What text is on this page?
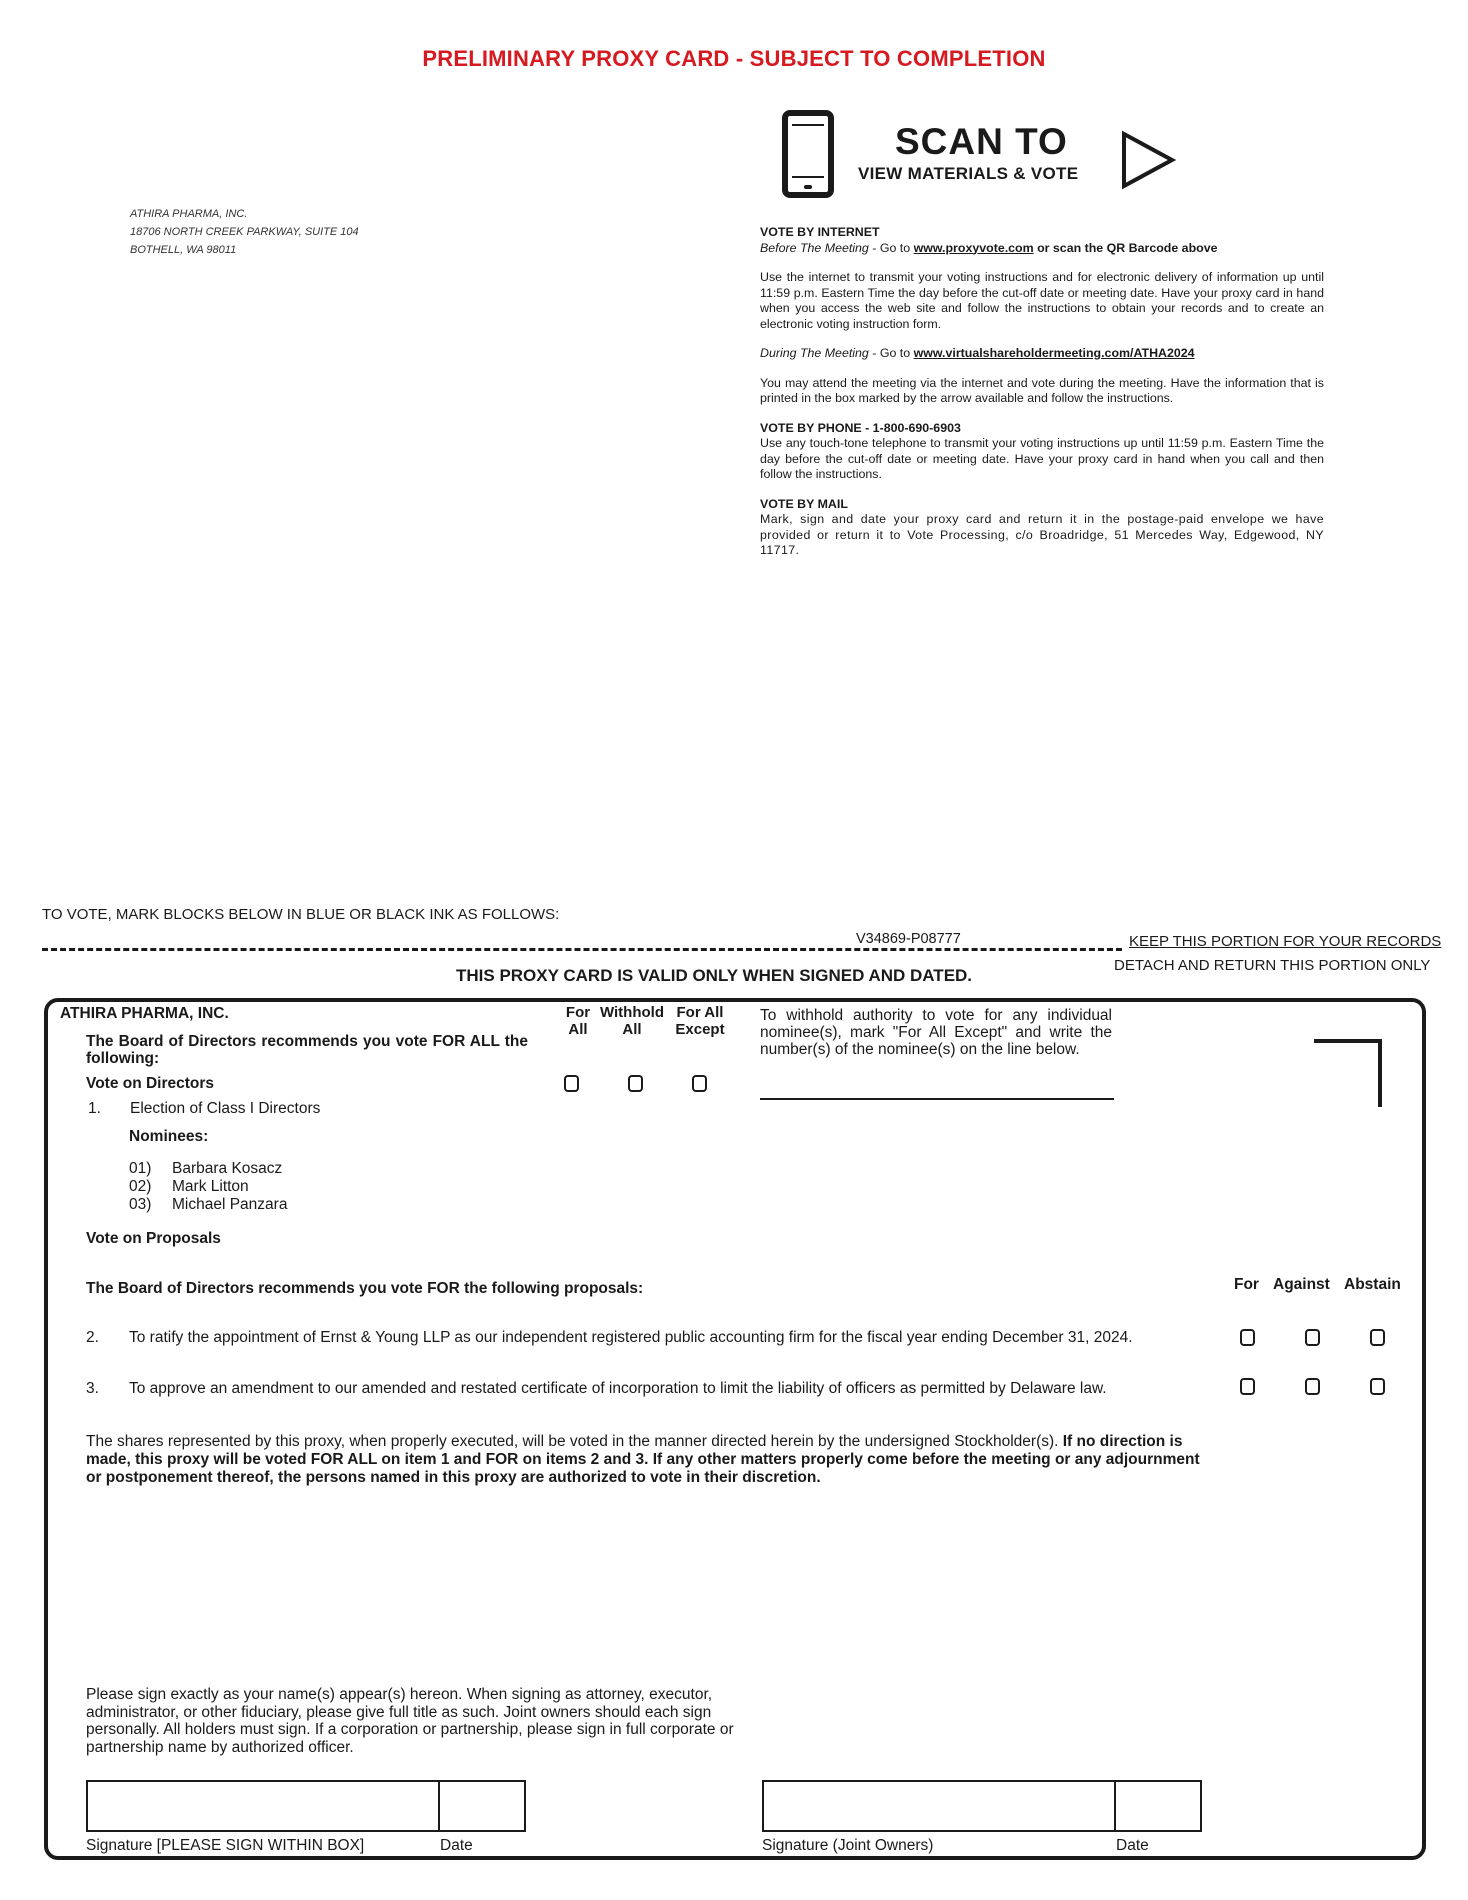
PRELIMINARY PROXY CARD - SUBJECT TO COMPLETION
ATHIRA PHARMA, INC.
18706 NORTH CREEK PARKWAY, SUITE 104
BOTHELL, WA 98011
SCAN TO
VIEW MATERIALS & VOTE

VOTE BY INTERNET
Before The Meeting - Go to www.proxyvote.com or scan the QR Barcode above

Use the internet to transmit your voting instructions and for electronic delivery of information up until 11:59 p.m. Eastern Time the day before the cut-off date or meeting date. Have your proxy card in hand when you access the web site and follow the instructions to obtain your records and to create an electronic voting instruction form.

During The Meeting - Go to www.virtualshareholdermeeting.com/ATHA2024

You may attend the meeting via the internet and vote during the meeting. Have the information that is printed in the box marked by the arrow available and follow the instructions.

VOTE BY PHONE - 1-800-690-6903
Use any touch-tone telephone to transmit your voting instructions up until 11:59 p.m. Eastern Time the day before the cut-off date or meeting date. Have your proxy card in hand when you call and then follow the instructions.

VOTE BY MAIL
Mark, sign and date your proxy card and return it in the postage-paid envelope we have provided or return it to Vote Processing, c/o Broadridge, 51 Mercedes Way, Edgewood, NY 11717.

TO VOTE, MARK BLOCKS BELOW IN BLUE OR BLACK INK AS FOLLOWS:
V34869-P08777	KEEP THIS PORTION FOR YOUR RECORDS
DETACH AND RETURN THIS PORTION ONLY
THIS PROXY CARD IS VALID ONLY WHEN SIGNED AND DATED.
ATHIRA PHARMA, INC.
The Board of Directors recommends you vote FOR ALL the following:
Vote on Directors
1. Election of Class I Directors
Nominees:
01) Barbara Kosacz
02) Mark Litton
03) Michael Panzara
For
All
Withhold
All
For All
Except
To withhold authority to vote for any individual nominee(s), mark "For All Except" and write the number(s) of the nominee(s) on the line below.
Vote on Proposals
The Board of Directors recommends you vote FOR the following proposals:	For Against Abstain
2. To ratify the appointment of Ernst & Young LLP as our independent registered public accounting firm for the fiscal year ending December 31, 2024.
3. To approve an amendment to our amended and restated certificate of incorporation to limit the liability of officers as permitted by Delaware law.
The shares represented by this proxy, when properly executed, will be voted in the manner directed herein by the undersigned Stockholder(s). If no direction is made, this proxy will be voted FOR ALL on item 1 and FOR on items 2 and 3. If any other matters properly come before the meeting or any adjournment or postponement thereof, the persons named in this proxy are authorized to vote in their discretion.
Please sign exactly as your name(s) appear(s) hereon. When signing as attorney, executor, administrator, or other fiduciary, please give full title as such. Joint owners should each sign personally. All holders must sign. If a corporation or partnership, please sign in full corporate or partnership name by authorized officer.
Signature [PLEASE SIGN WITHIN BOX]	Date	Signature (Joint Owners)	Date
